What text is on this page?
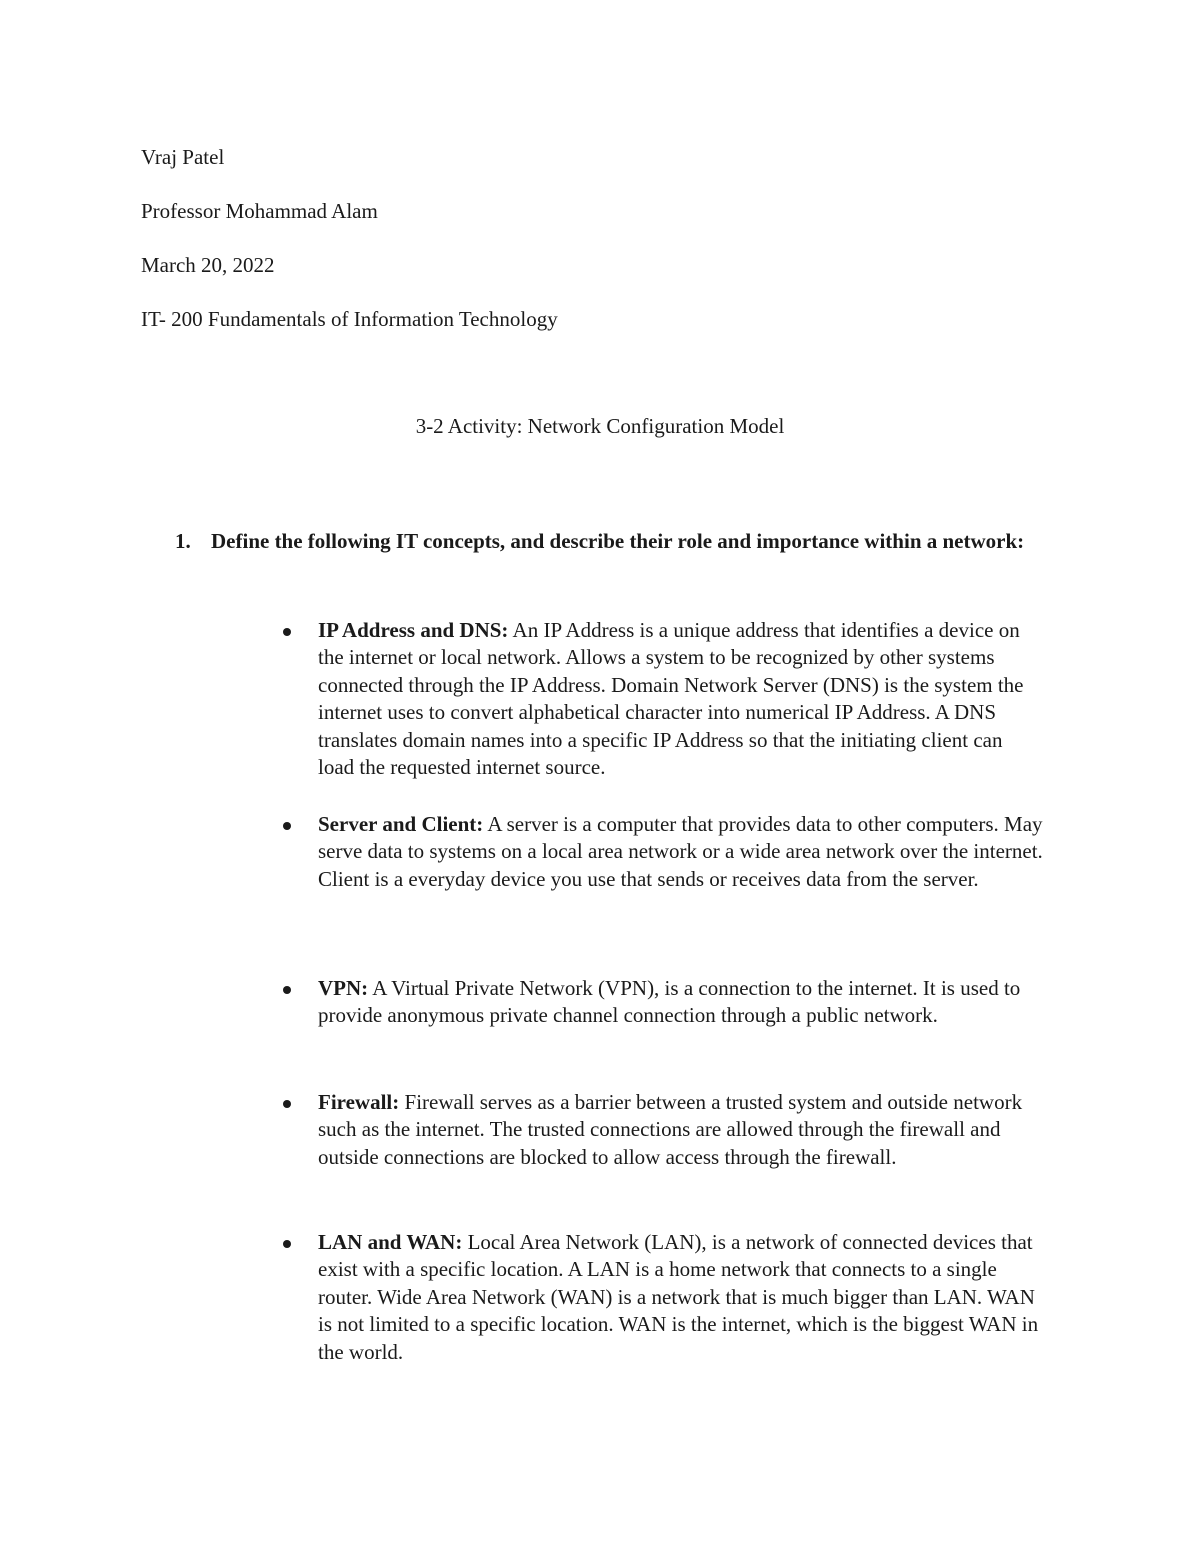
Vraj Patel
Professor Mohammad Alam
March 20, 2022
IT- 200 Fundamentals of Information Technology
3-2 Activity: Network Configuration Model
1. Define the following IT concepts, and describe their role and importance within a network:
IP Address and DNS: An IP Address is a unique address that identifies a device on the internet or local network. Allows a system to be recognized by other systems connected through the IP Address. Domain Network Server (DNS) is the system the internet uses to convert alphabetical character into numerical IP Address. A DNS translates domain names into a specific IP Address so that the initiating client can load the requested internet source.
Server and Client: A server is a computer that provides data to other computers. May serve data to systems on a local area network or a wide area network over the internet. Client is a everyday device you use that sends or receives data from the server.
VPN: A Virtual Private Network (VPN), is a connection to the internet. It is used to provide anonymous private channel connection through a public network.
Firewall: Firewall serves as a barrier between a trusted system and outside network such as the internet. The trusted connections are allowed through the firewall and outside connections are blocked to allow access through the firewall.
LAN and WAN: Local Area Network (LAN), is a network of connected devices that exist with a specific location. A LAN is a home network that connects to a single router. Wide Area Network (WAN) is a network that is much bigger than LAN. WAN is not limited to a specific location. WAN is the internet, which is the biggest WAN in the world.
